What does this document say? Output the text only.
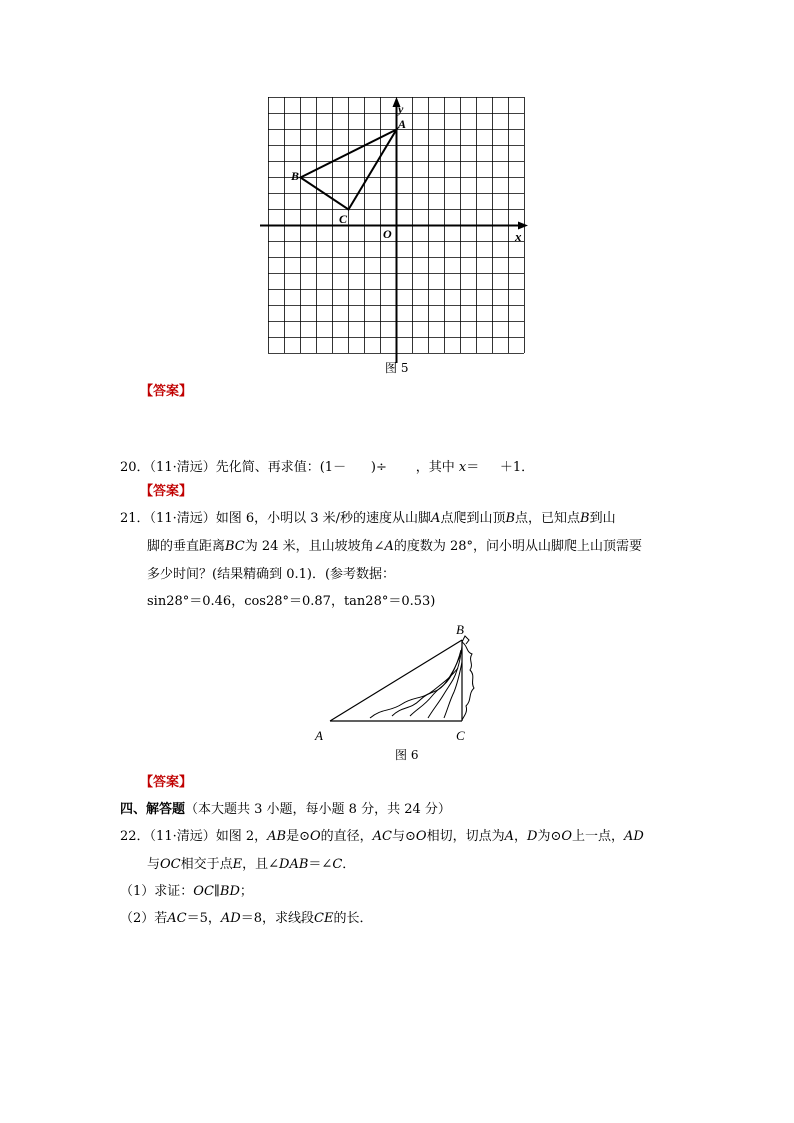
A
B
C
O	x
y
图 5
【答案】
20．（11·清远）先化简、再求值：(1－      )÷       ，其中 x＝     ＋1．
【答案】
21．（11·清远）如图 6，小明以 3 米/秒的速度从山脚A点爬到山顶B点，已知点B到山
脚的垂直距离BC为 24 米，且山坡坡角∠A的度数为 28°，问小明从山脚爬上山顶需要
多少时间？(结果精确到 0.1)．(参考数据：
sin28°＝0.46，cos28°＝0.87，tan28°＝0.53)
A
B
C
图 6
【答案】
四、解答题（本大题共 3 小题，每小题 8 分，共 24 分）
22．（11·清远）如图 2，AB是⊙O的直径，AC与⊙O相切，切点为A，D为⊙O上一点，AD
与OC相交于点E，且∠DAB＝∠C．
（1）求证：OC∥BD；
（2）若AC＝5，AD＝8，求线段CE的长．
